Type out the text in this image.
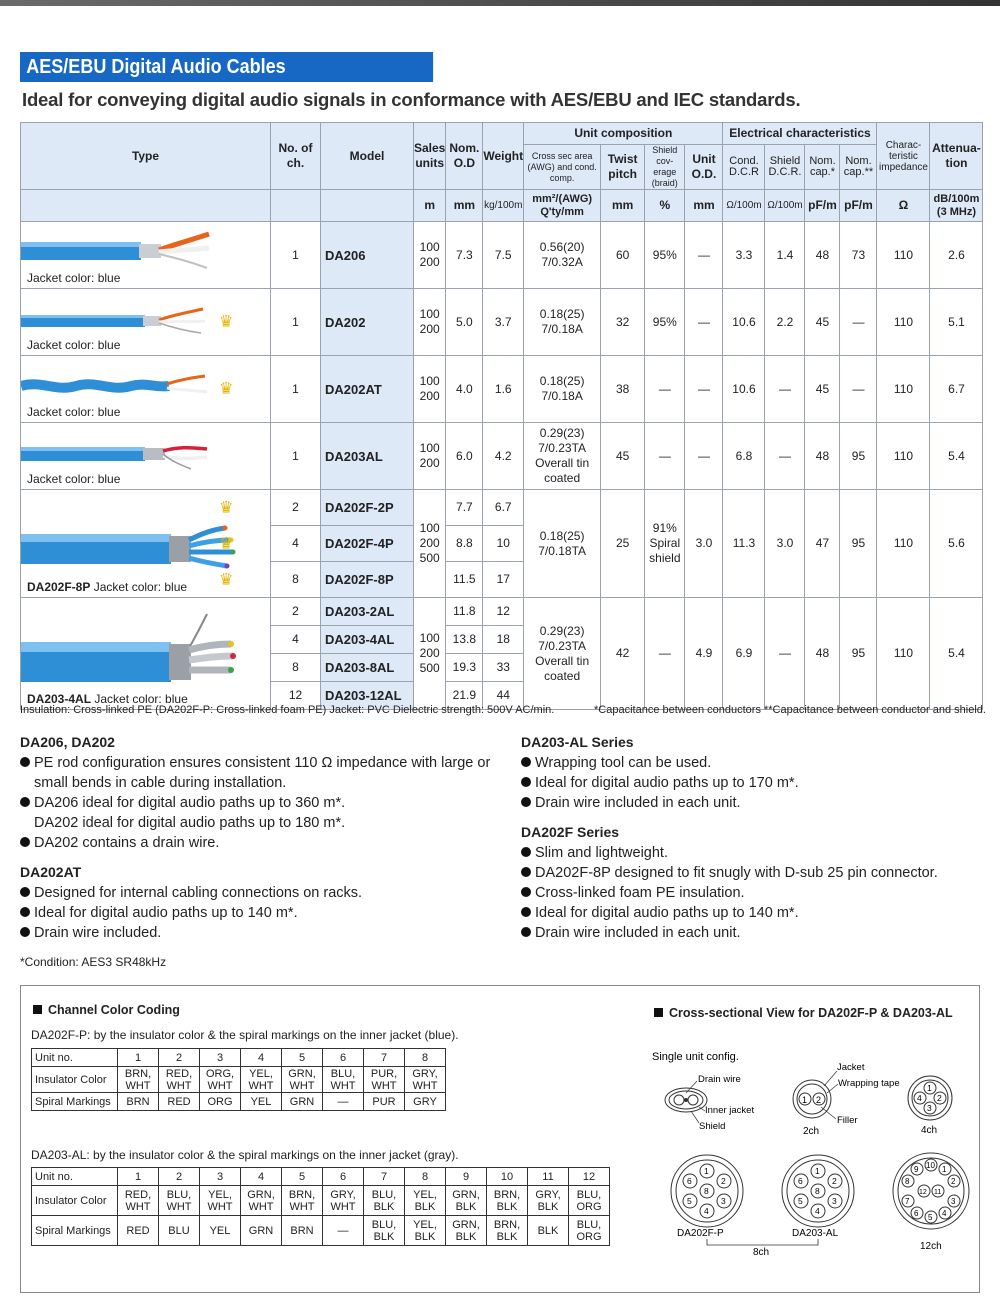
AES/EBU Digital Audio Cables
Ideal for conveying digital audio signals in conformance with AES/EBU and IEC standards.
Type	No. of ch.	Model	Sales units	Nom. O.D	Weight	Unit composition				Electrical characteristics				Charac-teristic impedance	Attenua-tion
						Cross sec area (AWG) and cond. comp.	Twist pitch	Shield cov-erage (braid)	Unit O.D.	Cond. D.C.R	Shield D.C.R.	Nom. cap.*	Nom. cap.**		
			m	mm	kg/100m	mm²/(AWG) Q'ty/mm	mm	%	mm	Ω/100m	Ω/100m	pF/m	pF/m	Ω	dB/100m (3 MHz)

Jacket color: blue	1	DA206	100 200	7.3	7.5	0.56(20) 7/0.32A	60	95%	—	3.3	1.4	48	73	110	2.6

Jacket color: blue	♛ 1	DA202	100 200	5.0	3.7	0.18(25) 7/0.18A	32	95%	—	10.6	2.2	45	—	110	5.1

Jacket color: blue	♛ 1	DA202AT	100 200	4.0	1.6	0.18(25) 7/0.18A	38	—	—	10.6	—	45	—	110	6.7

Jacket color: blue	1	DA203AL	100 200	6.0	4.2	0.29(23) 7/0.23TA Overall tin coated	45	—	—	6.8	—	48	95	110	5.4

DA202F-8P Jacket color: blue	♛ 2	DA202F-2P	100 200 500	7.7	6.7	0.18(25) 7/0.18TA	25	91% Spiral shield	3.0	11.3	3.0	47	95	110	5.6

	♛ 4	DA202F-4P		8.8	10										

	♛ 8	DA202F-8P		11.5	17										

DA203-4AL Jacket color: blue	2	DA203-2AL	100 200 500	11.8	12	0.29(23) 7/0.23TA Overall tin coated	42	—	4.9	6.9	—	48	95	110	5.4
	4	DA203-4AL		13.8	18										
	8	DA203-8AL		19.3	33										
	12	DA203-12AL		21.9	44										
Insulation: Cross-linked PE (DA202F-P: Cross-linked foam PE) Jacket: PVC Dielectric strength: 500V AC/min.	*Capacitance between conductors **Capacitance between conductor and shield.
DA206, DA202
PE rod configuration ensures consistent 110 Ω impedance with large or
small bends in cable during installation.
DA206 ideal for digital audio paths up to 360 m*.
DA202 ideal for digital audio paths up to 180 m*.
DA202 contains a drain wire.
DA202AT
Designed for internal cabling connections on racks.
Ideal for digital audio paths up to 140 m*.
Drain wire included.
DA203-AL Series
Wrapping tool can be used.
Ideal for digital audio paths up to 170 m*.
Drain wire included in each unit.
DA202F Series
Slim and lightweight.
DA202F-8P designed to fit snugly with D-sub 25 pin connector.
Cross-linked foam PE insulation.
Ideal for digital audio paths up to 140 m*.
Drain wire included in each unit.
*Condition: AES3 SR48kHz
Channel Color Coding	Cross-sectional View for DA202F-P & DA203-AL
DA202F-P: by the insulator color & the spiral markings on the inner jacket (blue).
Unit no.	1	2	3	4	5	6	7	8
Insulator Color	BRN, WHT	RED, WHT	ORG, WHT	YEL, WHT	GRN, WHT	BLU, WHT	PUR, WHT	GRY, WHT
Spiral Markings	BRN	RED	ORG	YEL	GRN	—	PUR	GRY
DA203-AL: by the insulator color & the spiral markings on the inner jacket (gray).
Unit no.	1	2	3	4	5	6	7	8	9	10	11	12
Insulator Color	RED, WHT	BLU, WHT	YEL, WHT	GRN, WHT	BRN, WHT	GRY, WHT	BLU, BLK	YEL, BLK	GRN, BLK	BRN, BLK	GRY, BLK	BLU, ORG
Spiral Markings	RED	BLU	YEL	GRN	BRN	—	BLU, BLK	YEL, BLK	GRN, BLK	BRN, BLK	BLK	BLU, ORG
Single unit config.
Drain wire
Inner jacket
Shield
1 2
Jacket
Wrapping tape
Filler
2ch
1
4 2
3
4ch
1
2
3
4
5
6
8
DA202F-P
1
2
3
4
5
6
8
DA203-AL
8ch
9 10 1
2
3
4
5
6
7
8
12 11
12ch
